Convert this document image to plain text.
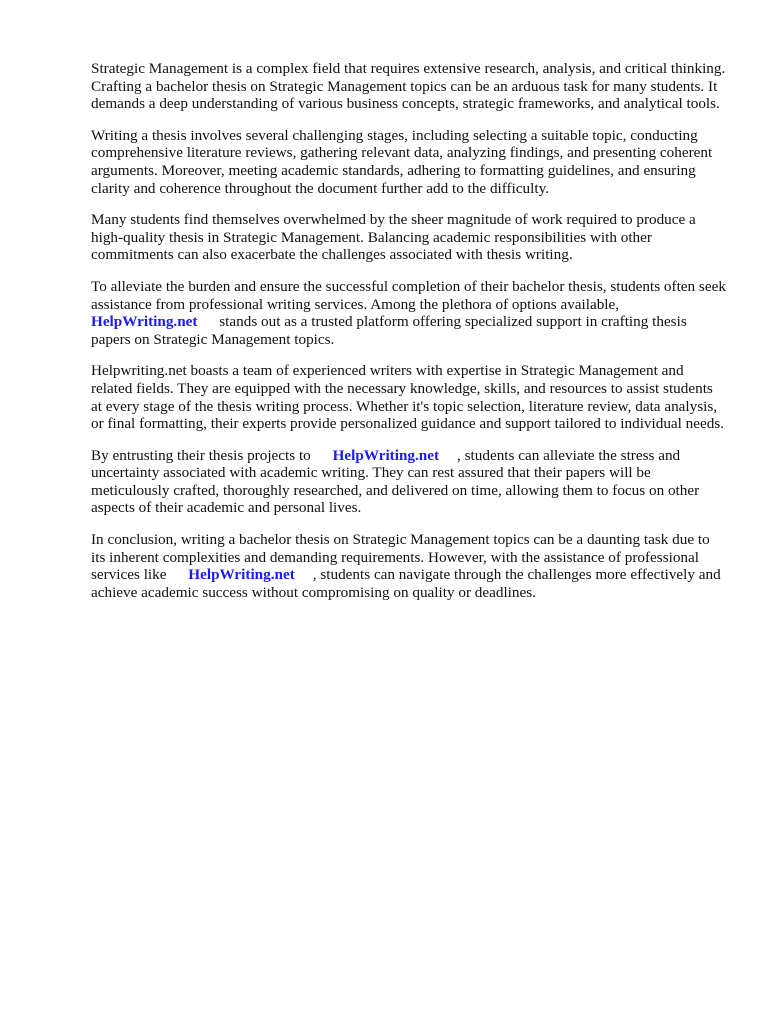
Strategic Management is a complex field that requires extensive research, analysis, and critical thinking. Crafting a bachelor thesis on Strategic Management topics can be an arduous task for many students. It demands a deep understanding of various business concepts, strategic frameworks, and analytical tools.

Writing a thesis involves several challenging stages, including selecting a suitable topic, conducting comprehensive literature reviews, gathering relevant data, analyzing findings, and presenting coherent arguments. Moreover, meeting academic standards, adhering to formatting guidelines, and ensuring clarity and coherence throughout the document further add to the difficulty.

Many students find themselves overwhelmed by the sheer magnitude of work required to produce a high-quality thesis in Strategic Management. Balancing academic responsibilities with other commitments can also exacerbate the challenges associated with thesis writing.

To alleviate the burden and ensure the successful completion of their bachelor thesis, students often seek assistance from professional writing services. Among the plethora of options available,
HelpWriting.net stands out as a trusted platform offering specialized support in crafting thesis papers on Strategic Management topics.

Helpwriting.net boasts a team of experienced writers with expertise in Strategic Management and related fields. They are equipped with the necessary knowledge, skills, and resources to assist students at every stage of the thesis writing process. Whether it's topic selection, literature review, data analysis, or final formatting, their experts provide personalized guidance and support tailored to individual needs.

By entrusting their thesis projects to HelpWriting.net , students can alleviate the stress and uncertainty associated with academic writing. They can rest assured that their papers will be meticulously crafted, thoroughly researched, and delivered on time, allowing them to focus on other aspects of their academic and personal lives.

In conclusion, writing a bachelor thesis on Strategic Management topics can be a daunting task due to its inherent complexities and demanding requirements. However, with the assistance of professional services like HelpWriting.net , students can navigate through the challenges more effectively and achieve academic success without compromising on quality or deadlines.
